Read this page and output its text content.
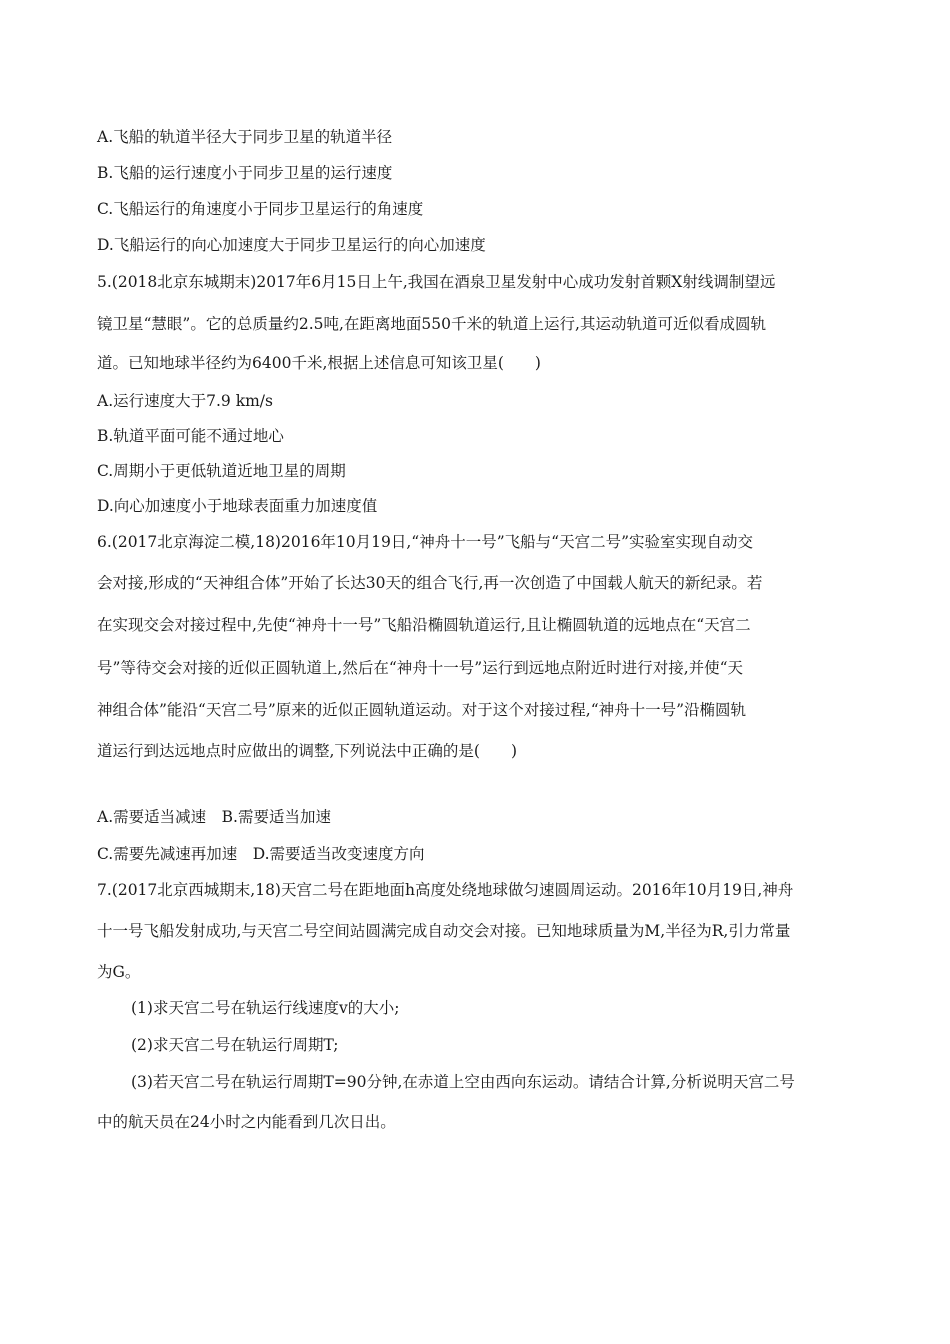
A.飞船的轨道半径大于同步卫星的轨道半径
B.飞船的运行速度小于同步卫星的运行速度
C.飞船运行的角速度小于同步卫星运行的角速度
D.飞船运行的向心加速度大于同步卫星运行的向心加速度
5.(2018北京东城期末)2017年6月15日上午,我国在酒泉卫星发射中心成功发射首颗X射线调制望远
镜卫星“慧眼”。它的总质量约2.5吨,在距离地面550千米的轨道上运行,其运动轨道可近似看成圆轨
道。已知地球半径约为6400千米,根据上述信息可知该卫星(　　)
A.运行速度大于7.9 km/s
B.轨道平面可能不通过地心
C.周期小于更低轨道近地卫星的周期
D.向心加速度小于地球表面重力加速度值
6.(2017北京海淀二模,18)2016年10月19日,“神舟十一号”飞船与“天宫二号”实验室实现自动交
会对接,形成的“天神组合体”开始了长达30天的组合飞行,再一次创造了中国载人航天的新纪录。若
在实现交会对接过程中,先使“神舟十一号”飞船沿椭圆轨道运行,且让椭圆轨道的远地点在“天宫二
号”等待交会对接的近似正圆轨道上,然后在“神舟十一号”运行到远地点附近时进行对接,并使“天
神组合体”能沿“天宫二号”原来的近似正圆轨道运动。对于这个对接过程,“神舟十一号”沿椭圆轨
道运行到达远地点时应做出的调整,下列说法中正确的是(　　)
A.需要适当减速　B.需要适当加速
C.需要先减速再加速　D.需要适当改变速度方向
7.(2017北京西城期末,18)天宫二号在距地面h高度处绕地球做匀速圆周运动。2016年10月19日,神舟
十一号飞船发射成功,与天宫二号空间站圆满完成自动交会对接。已知地球质量为M,半径为R,引力常量
为G。
(1)求天宫二号在轨运行线速度v的大小;
(2)求天宫二号在轨运行周期T;
(3)若天宫二号在轨运行周期T=90分钟,在赤道上空由西向东运动。请结合计算,分析说明天宫二号
中的航天员在24小时之内能看到几次日出。
